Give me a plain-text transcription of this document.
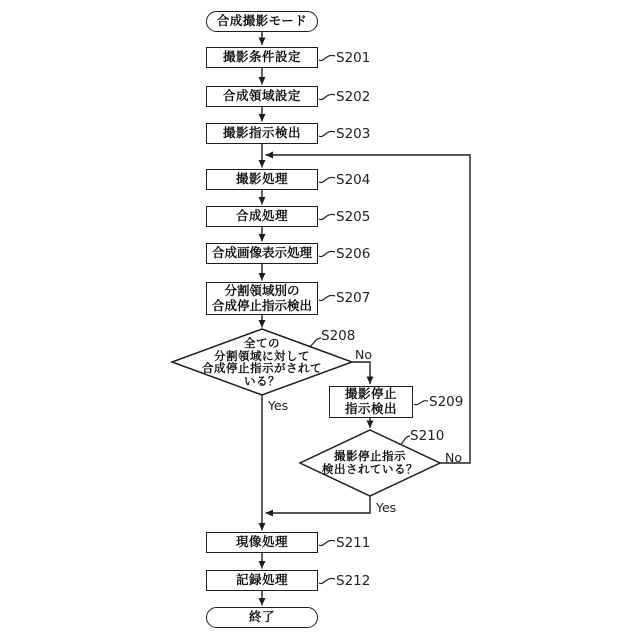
合成撮影モード
撮影条件設定
合成領域設定
撮影指示検出
撮影処理
合成処理
合成画像表示処理
分割領域別の
合成停止指示検出
撮影停止
指示検出
現像処理
記録処理
終了
全ての
分割領域に対して
合成停止指示がされて
いる？
撮影停止指示
検出されている？
S201
S202
S203
S204
S205
S206
S207
S208
S209
S210
S211
S212
No
Yes
No
Yes
